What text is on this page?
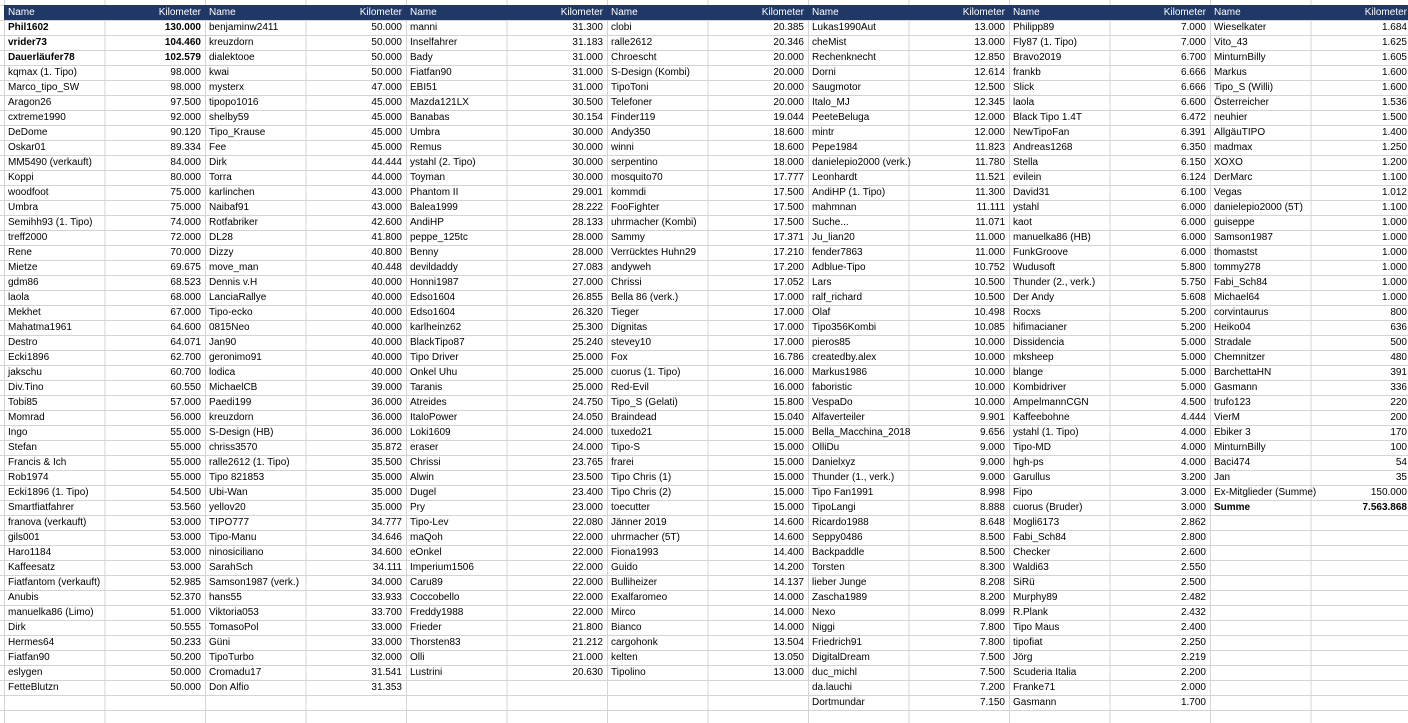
Name	Kilometer	Name	Kilometer	Name	Kilometer	Name	Kilometer	Name	Kilometer	Name	Kilometer	Name	Kilometer
Phil1602	130.000	benjaminw2411	50.000	manni	31.300	clobi	20.385	Lukas1990Aut	13.000	Philipp89	7.000	Wieselkater	1.684
vrider73	104.460	kreuzdorn	50.000	Inselfahrer	31.183	ralle2612	20.346	cheMist	13.000	Fly87 (1. Tipo)	7.000	Vito_43	1.625
Dauerläufer78	102.579	dialektooe	50.000	Bady	31.000	Chroescht	20.000	Rechenknecht	12.850	Bravo2019	6.700	MinturnBilly	1.605
kqmax (1. Tipo)	98.000	kwai	50.000	Fiatfan90	31.000	S-Design (Kombi)	20.000	Dorni	12.614	frankb	6.666	Markus	1.600
Marco_tipo_SW	98.000	mysterx	47.000	EBI51	31.000	TipoToni	20.000	Saugmotor	12.500	Slick	6.666	Tipo_S (Willi)	1.600
Aragon26	97.500	tipopo1016	45.000	Mazda121LX	30.500	Telefoner	20.000	Italo_MJ	12.345	laola	6.600	Österreicher	1.536
cxtreme1990	92.000	shelby59	45.000	Banabas	30.154	Finder119	19.044	PeeteBeluga	12.000	Black Tipo 1.4T	6.472	neuhier	1.500
DeDome	90.120	Tipo_Krause	45.000	Umbra	30.000	Andy350	18.600	mintr	12.000	NewTipoFan	6.391	AllgäuTIPO	1.400
Oskar01	89.334	Fee	45.000	Remus	30.000	winni	18.600	Pepe1984	11.823	Andreas1268	6.350	madmax	1.250
MM5490 (verkauft)	84.000	Dirk	44.444	ystahl (2. Tipo)	30.000	serpentino	18.000	danielepio2000 (verk.)	11.780	Stella	6.150	XOXO	1.200
Koppi	80.000	Torra	44.000	Toyman	30.000	mosquito70	17.777	Leonhardt	11.521	evilein	6.124	DerMarc	1.100
woodfoot	75.000	karlinchen	43.000	Phantom II	29.001	kommdi	17.500	AndiHP (1. Tipo)	11.300	David31	6.100	Vegas	1.012
Umbra	75.000	Naibaf91	43.000	Balea1999	28.222	FooFighter	17.500	mahmnan	11.111	ystahl	6.000	danielepio2000 (5T)	1.100
Semihh93 (1. Tipo)	74.000	Rotfabriker	42.600	AndiHP	28.133	uhrmacher (Kombi)	17.500	Suche...	11.071	kaot	6.000	guiseppe	1.000
treff2000	72.000	DL28	41.800	peppe_125tc	28.000	Sammy	17.371	Ju_lian20	11.000	manuelka86 (HB)	6.000	Samson1987	1.000
Rene	70.000	Dizzy	40.800	Benny	28.000	Verrücktes Huhn29	17.210	fender7863	11.000	FunkGroove	6.000	thomastst	1.000
Mietze	69.675	move_man	40.448	devildaddy	27.083	andyweh	17.200	Adblue-Tipo	10.752	Wudusoft	5.800	tommy278	1.000
gdm86	68.523	Dennis v.H	40.000	Honni1987	27.000	Chrissi	17.052	Lars	10.500	Thunder (2., verk.)	5.750	Fabi_Sch84	1.000
laola	68.000	LanciaRallye	40.000	Edso1604	26.855	Bella 86 (verk.)	17.000	ralf_richard	10.500	Der Andy	5.608	Michael64	1.000
Mekhet	67.000	Tipo-ecko	40.000	Edso1604	26.320	Tieger	17.000	Olaf	10.498	Rocxs	5.200	corvintaurus	800
Mahatma1961	64.600	0815Neo	40.000	karlheinz62	25.300	Dignitas	17.000	Tipo356Kombi	10.085	hifimacianer	5.200	Heiko04	636
Destro	64.071	Jan90	40.000	BlackTipo87	25.240	stevey10	17.000	pieros85	10.000	Dissidencia	5.000	Stradale	500
Ecki1896	62.700	geronimo91	40.000	Tipo Driver	25.000	Fox	16.786	createdby.alex	10.000	mksheep	5.000	Chemnitzer	480
jakschu	60.700	lodica	40.000	Onkel Uhu	25.000	cuorus (1. Tipo)	16.000	Markus1986	10.000	blange	5.000	BarchettaHN	391
Div.Tino	60.550	MichaelCB	39.000	Taranis	25.000	Red-Evil	16.000	faboristic	10.000	Kombidriver	5.000	Gasmann	336
Tobi85	57.000	Paedi199	36.000	Atreides	24.750	Tipo_S (Gelati)	15.800	VespaDo	10.000	AmpelmannCGN	4.500	trufo123	220
Momrad	56.000	kreuzdorn	36.000	ItaloPower	24.050	Braindead	15.040	Alfaverteiler	9.901	Kaffeebohne	4.444	VierM	200
Ingo	55.000	S-Design (HB)	36.000	Loki1609	24.000	tuxedo21	15.000	Bella_Macchina_2018	9.656	ystahl (1. Tipo)	4.000	Ebiker 3	170
Stefan	55.000	chriss3570	35.872	eraser	24.000	Tipo-S	15.000	OlliDu	9.000	Tipo-MD	4.000	MinturnBilly	100
Francis & Ich	55.000	ralle2612 (1. Tipo)	35.500	Chrissi	23.765	frarei	15.000	Danielxyz	9.000	hgh-ps	4.000	Baci474	54
Rob1974	55.000	Tipo 821853	35.000	Alwin	23.500	Tipo Chris (1)	15.000	Thunder (1., verk.)	9.000	Garullus	3.200	Jan	35
Ecki1896 (1. Tipo)	54.500	Ubi-Wan	35.000	Dugel	23.400	Tipo Chris (2)	15.000	Tipo Fan1991	8.998	Fipo	3.000	Ex-Mitglieder (Summe)	150.000
Smartfiatfahrer	53.560	yellov20	35.000	Pry	23.000	toecutter	15.000	TipoLangi	8.888	cuorus (Bruder)	3.000	Summe	7.563.868
franova (verkauft)	53.000	TIPO777	34.777	Tipo-Lev	22.080	Jänner 2019	14.600	Ricardo1988	8.648	Mogli6173	2.862		
gils001	53.000	Tipo-Manu	34.646	maQoh	22.000	uhrmacher (5T)	14.600	Seppy0486	8.500	Fabi_Sch84	2.800		
Haro1184	53.000	ninosiciliano	34.600	eOnkel	22.000	Fiona1993	14.400	Backpaddle	8.500	Checker	2.600		
Kaffeesatz	53.000	SarahSch	34.111	Imperium1506	22.000	Guido	14.200	Torsten	8.300	Waldi63	2.550		
Fiatfantom (verkauft)	52.985	Samson1987 (verk.)	34.000	Caru89	22.000	Bulliheizer	14.137	lieber Junge	8.208	SiRü	2.500		
Anubis	52.370	hans55	33.933	Coccobello	22.000	Exalfaromeo	14.000	Zascha1989	8.200	Murphy89	2.482		
manuelka86 (Limo)	51.000	Viktoria053	33.700	Freddy1988	22.000	Mirco	14.000	Nexo	8.099	R.Plank	2.432		
Dirk	50.555	TomasoPol	33.000	Frieder	21.800	Bianco	14.000	Niggi	7.800	Tipo Maus	2.400		
Hermes64	50.233	Güni	33.000	Thorsten83	21.212	cargohonk	13.504	Friedrich91	7.800	tipofiat	2.250		
Fiatfan90	50.200	TipoTurbo	32.000	Olli	21.000	kelten	13.050	DigitalDream	7.500	Jörg	2.219		
eslygen	50.000	Cromadu17	31.541	Lustrini	20.630	Tipolino	13.000	duc_michl	7.500	Scuderia Italia	2.200		
FetteBlutzn	50.000	Don Alfio	31.353					da.lauchi	7.200	Franke71	2.000		
								Dortmundar	7.150	Gasmann	1.700		
